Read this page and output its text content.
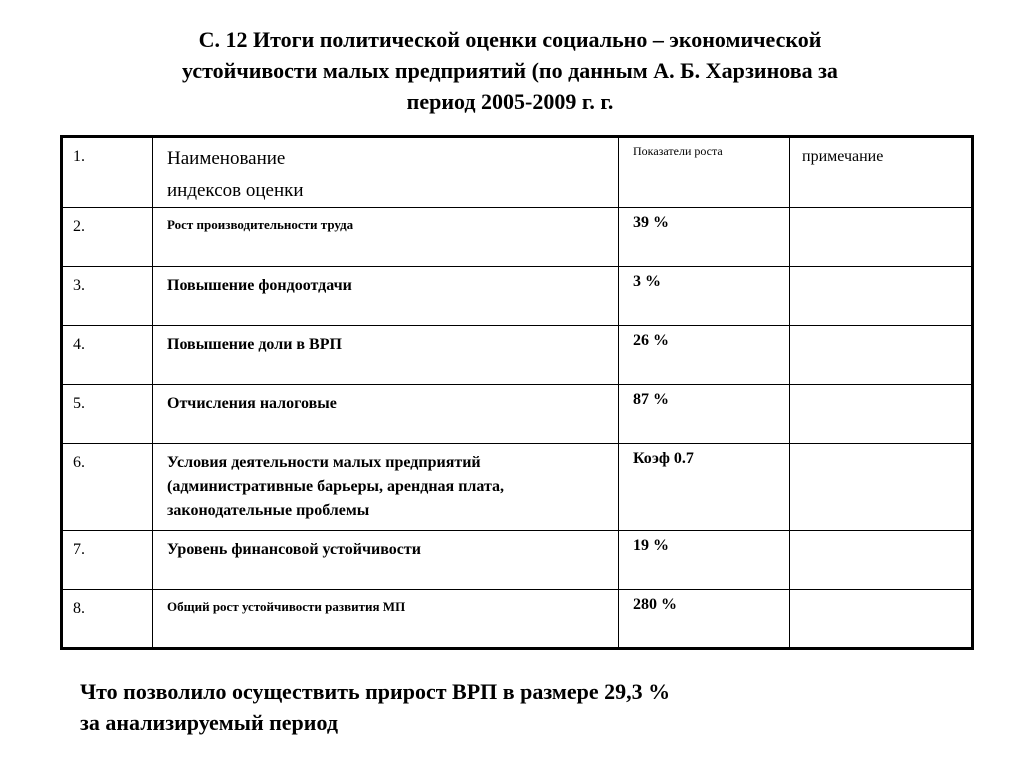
С. 12 Итоги политической оценки социально – экономической
устойчивости малых предприятий (по данным А. Б. Харзинова за
период 2005-2009 г. г.
1.	Наименование
индексов оценки	Показатели роста	примечание
2.	Рост производительности труда	39 %	
3.	Повышение фондоотдачи	3 %	
4.	Повышение доли в ВРП	26 %	
5.	Отчисления налоговые	87 %	
6.	Условия деятельности малых предприятий
(административные барьеры, арендная плата,
законодательные проблемы	Коэф 0.7	
7.	Уровень финансовой устойчивости	19 %	
8.	Общий рост устойчивости развития МП	280 %	
Что позволило осуществить прирост ВРП в размере 29,3 %
за анализируемый период
